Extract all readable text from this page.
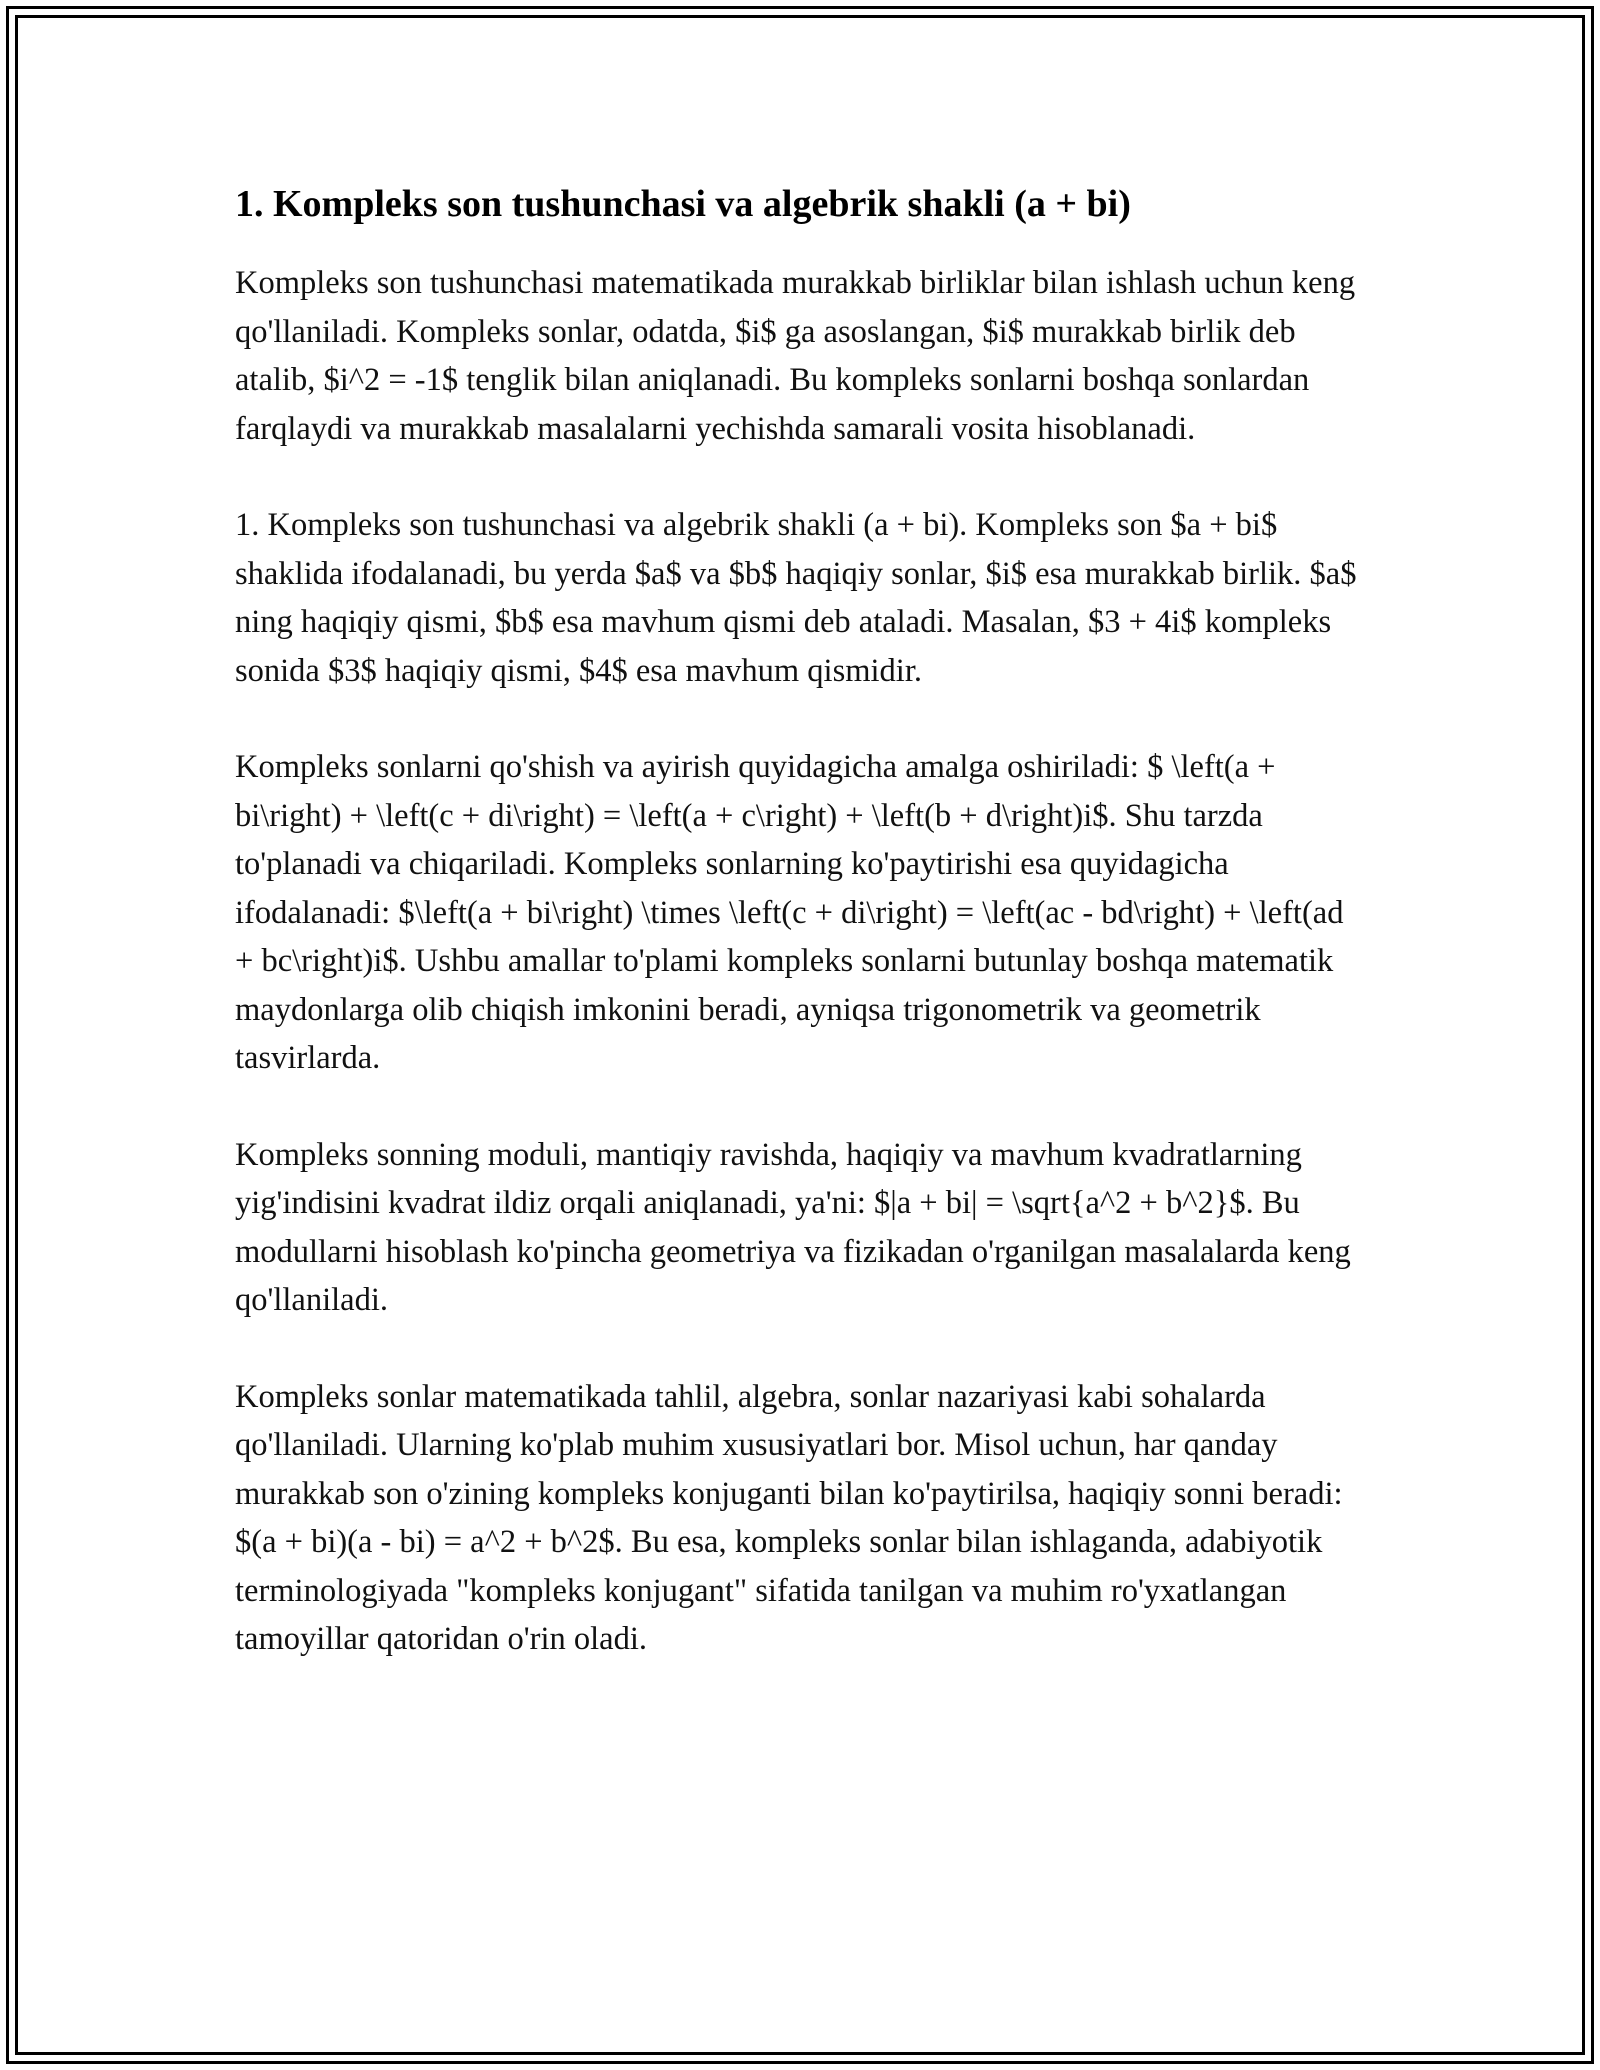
1. Kompleks son tushunchasi va algebrik shakli (a + bi)

Kompleks son tushunchasi matematikada murakkab birliklar bilan ishlash uchun keng qo'llaniladi. Kompleks sonlar, odatda, $i$ ga asoslangan, $i$ murakkab birlik deb atalib, $i^2 = -1$ tenglik bilan aniqlanadi. Bu kompleks sonlarni boshqa sonlardan farqlaydi va murakkab masalalarni yechishda samarali vosita hisoblanadi.

1. Kompleks son tushunchasi va algebrik shakli (a + bi). Kompleks son $a + bi$ shaklida ifodalanadi, bu yerda $a$ va $b$ haqiqiy sonlar, $i$ esa murakkab birlik. $a$ ning haqiqiy qismi, $b$ esa mavhum qismi deb ataladi. Masalan, $3 + 4i$ kompleks sonida $3$ haqiqiy qismi, $4$ esa mavhum qismidir.

Kompleks sonlarni qo'shish va ayirish quyidagicha amalga oshiriladi: $ \left(a + bi\right) + \left(c + di\right) = \left(a + c\right) + \left(b + d\right)i$. Shu tarzda to'planadi va chiqariladi. Kompleks sonlarning ko'paytirishi esa quyidagicha ifodalanadi: $\left(a + bi\right) \times \left(c + di\right) = \left(ac - bd\right) + \left(ad + bc\right)i$. Ushbu amallar to'plami kompleks sonlarni butunlay boshqa matematik maydonlarga olib chiqish imkonini beradi, ayniqsa trigonometrik va geometrik tasvirlarda.

Kompleks sonning moduli, mantiqiy ravishda, haqiqiy va mavhum kvadratlarning yig'indisini kvadrat ildiz orqali aniqlanadi, ya'ni: $|a + bi| = \sqrt{a^2 + b^2}$. Bu modullarni hisoblash ko'pincha geometriya va fizikadan o'rganilgan masalalarda keng qo'llaniladi.

Kompleks sonlar matematikada tahlil, algebra, sonlar nazariyasi kabi sohalarda qo'llaniladi. Ularning ko'plab muhim xususiyatlari bor. Misol uchun, har qanday murakkab son o'zining kompleks konjuganti bilan ko'paytirilsa, haqiqiy sonni beradi: $(a + bi)(a - bi) = a^2 + b^2$. Bu esa, kompleks sonlar bilan ishlaganda, adabiyotik terminologiyada "kompleks konjugant" sifatida tanilgan va muhim ro'yxatlangan tamoyillar qatoridan o'rin oladi.
